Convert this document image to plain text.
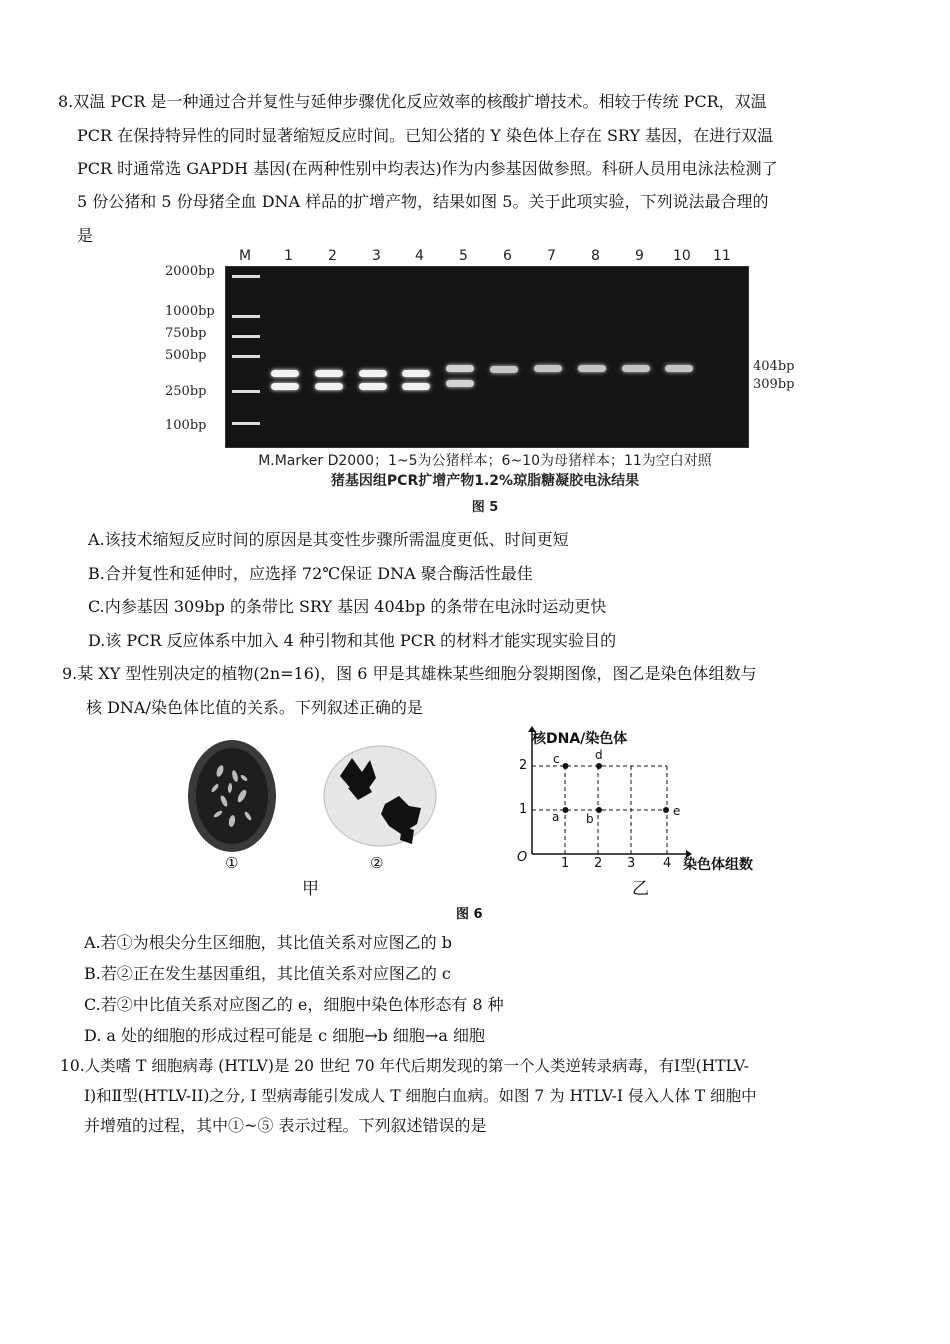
8.双温 PCR 是一种通过合并复性与延伸步骤优化反应效率的核酸扩增技术。相较于传统 PCR，双温
PCR 在保持特异性的同时显著缩短反应时间。已知公猪的 Y 染色体上存在 SRY 基因，在进行双温
PCR 时通常选 GAPDH 基因(在两种性别中均表达)作为内参基因做参照。科研人员用电泳法检测了
5 份公猪和 5 份母猪全血 DNA 样品的扩增产物，结果如图 5。关于此项实验，下列说法最合理的
是
M 1	2	3 4	5	6	7	8	9 10 11
2000bp
1000bp
750bp
500bp
250bp
100bp
404bp
309bp
M.Marker D2000；1~5为公猪样本；6~10为母猪样本；11为空白对照
猪基因组PCR扩增产物1.2%琼脂糖凝胶电泳结果
图 5
A.该技术缩短反应时间的原因是其变性步骤所需温度更低、时间更短
B.合并复性和延伸时，应选择 72℃保证 DNA 聚合酶活性最佳
C.内参基因 309bp 的条带比 SRY 基因 404bp 的条带在电泳时运动更快
D.该 PCR 反应体系中加入 4 种引物和其他 PCR 的材料才能实现实验目的
9.某 XY 型性别决定的植物(2n=16)，图 6 甲是其雄株某些细胞分裂期图像，图乙是染色体组数与
核 DNA/染色体比值的关系。下列叙述正确的是
核DNA/染色体
2
1
O	1 2 3 4 染色体组数
c	d
a b
e
①	②
甲	乙
图 6
A.若①为根尖分生区细胞，其比值关系对应图乙的 b
B.若②正在发生基因重组，其比值关系对应图乙的 c
C.若②中比值关系对应图乙的 e，细胞中染色体形态有 8 种
D. a 处的细胞的形成过程可能是 c 细胞→b 细胞→a 细胞
10.人类嗜 T 细胞病毒 (HTLV)是 20 世纪 70 年代后期发现的第一个人类逆转录病毒，有Ⅰ型(HTLV-
I)和Ⅱ型(HTLV-II)之分, I 型病毒能引发成人 T 细胞白血病。如图 7 为 HTLV-I 侵入人体 T 细胞中
并增殖的过程，其中①~⑤ 表示过程。下列叙述错误的是
